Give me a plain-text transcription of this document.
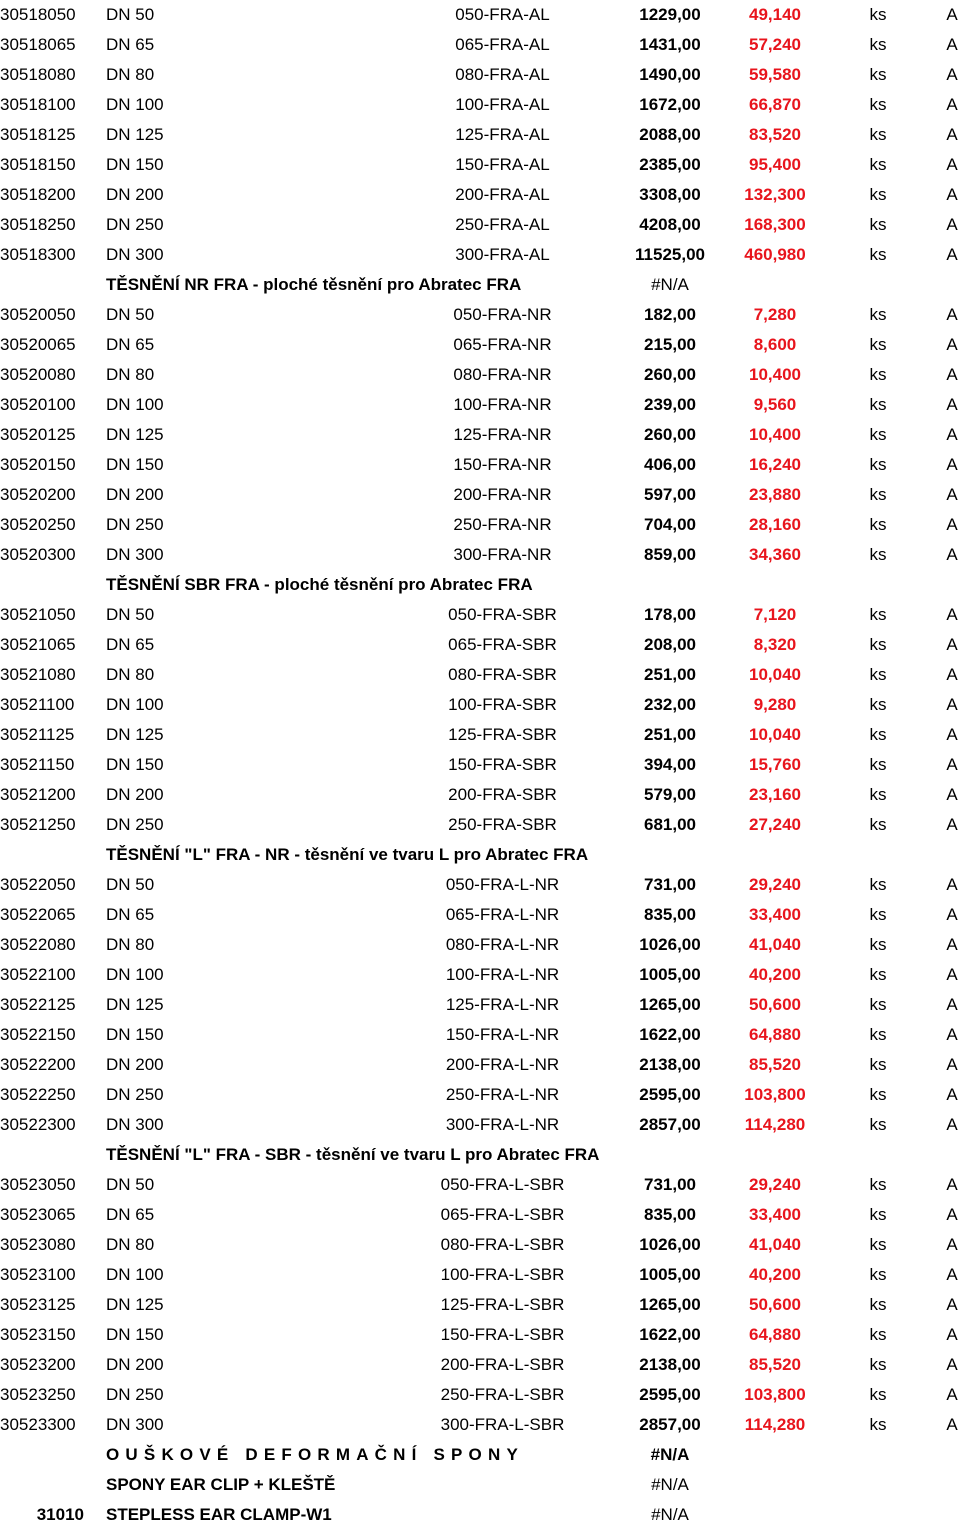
30518050	DN 50	050-FRA-AL	1229,00	49,140	ks	A
30518065	DN 65	065-FRA-AL	1431,00	57,240	ks	A
30518080	DN 80	080-FRA-AL	1490,00	59,580	ks	A
30518100	DN 100	100-FRA-AL	1672,00	66,870	ks	A
30518125	DN 125	125-FRA-AL	2088,00	83,520	ks	A
30518150	DN 150	150-FRA-AL	2385,00	95,400	ks	A
30518200	DN 200	200-FRA-AL	3308,00	132,300	ks	A
30518250	DN 250	250-FRA-AL	4208,00	168,300	ks	A
30518300	DN 300	300-FRA-AL	11525,00	460,980	ks	A
TĚSNĚNÍ NR FRA - ploché těsnění pro Abratec FRA	#N/A
30520050	DN 50	050-FRA-NR	182,00	7,280	ks	A
30520065	DN 65	065-FRA-NR	215,00	8,600	ks	A
30520080	DN 80	080-FRA-NR	260,00	10,400	ks	A
30520100	DN 100	100-FRA-NR	239,00	9,560	ks	A
30520125	DN 125	125-FRA-NR	260,00	10,400	ks	A
30520150	DN 150	150-FRA-NR	406,00	16,240	ks	A
30520200	DN 200	200-FRA-NR	597,00	23,880	ks	A
30520250	DN 250	250-FRA-NR	704,00	28,160	ks	A
30520300	DN 300	300-FRA-NR	859,00	34,360	ks	A
TĚSNĚNÍ SBR FRA - ploché těsnění pro Abratec FRA
30521050	DN 50	050-FRA-SBR	178,00	7,120	ks	A
30521065	DN 65	065-FRA-SBR	208,00	8,320	ks	A
30521080	DN 80	080-FRA-SBR	251,00	10,040	ks	A
30521100	DN 100	100-FRA-SBR	232,00	9,280	ks	A
30521125	DN 125	125-FRA-SBR	251,00	10,040	ks	A
30521150	DN 150	150-FRA-SBR	394,00	15,760	ks	A
30521200	DN 200	200-FRA-SBR	579,00	23,160	ks	A
30521250	DN 250	250-FRA-SBR	681,00	27,240	ks	A
TĚSNĚNÍ "L" FRA - NR - těsnění ve tvaru L pro Abratec FRA
30522050	DN 50	050-FRA-L-NR	731,00	29,240	ks	A
30522065	DN 65	065-FRA-L-NR	835,00	33,400	ks	A
30522080	DN 80	080-FRA-L-NR	1026,00	41,040	ks	A
30522100	DN 100	100-FRA-L-NR	1005,00	40,200	ks	A
30522125	DN 125	125-FRA-L-NR	1265,00	50,600	ks	A
30522150	DN 150	150-FRA-L-NR	1622,00	64,880	ks	A
30522200	DN 200	200-FRA-L-NR	2138,00	85,520	ks	A
30522250	DN 250	250-FRA-L-NR	2595,00	103,800	ks	A
30522300	DN 300	300-FRA-L-NR	2857,00	114,280	ks	A
TĚSNĚNÍ "L" FRA - SBR - těsnění ve tvaru L pro Abratec FRA
30523050	DN 50	050-FRA-L-SBR	731,00	29,240	ks	A
30523065	DN 65	065-FRA-L-SBR	835,00	33,400	ks	A
30523080	DN 80	080-FRA-L-SBR	1026,00	41,040	ks	A
30523100	DN 100	100-FRA-L-SBR	1005,00	40,200	ks	A
30523125	DN 125	125-FRA-L-SBR	1265,00	50,600	ks	A
30523150	DN 150	150-FRA-L-SBR	1622,00	64,880	ks	A
30523200	DN 200	200-FRA-L-SBR	2138,00	85,520	ks	A
30523250	DN 250	250-FRA-L-SBR	2595,00	103,800	ks	A
30523300	DN 300	300-FRA-L-SBR	2857,00	114,280	ks	A
OUŠKOVÉ DEFORMAČNÍ SPONY	#N/A
SPONY EAR CLIP + KLEŠTĚ	#N/A
31010 STEPLESS EAR CLAMP-W1	#N/A
